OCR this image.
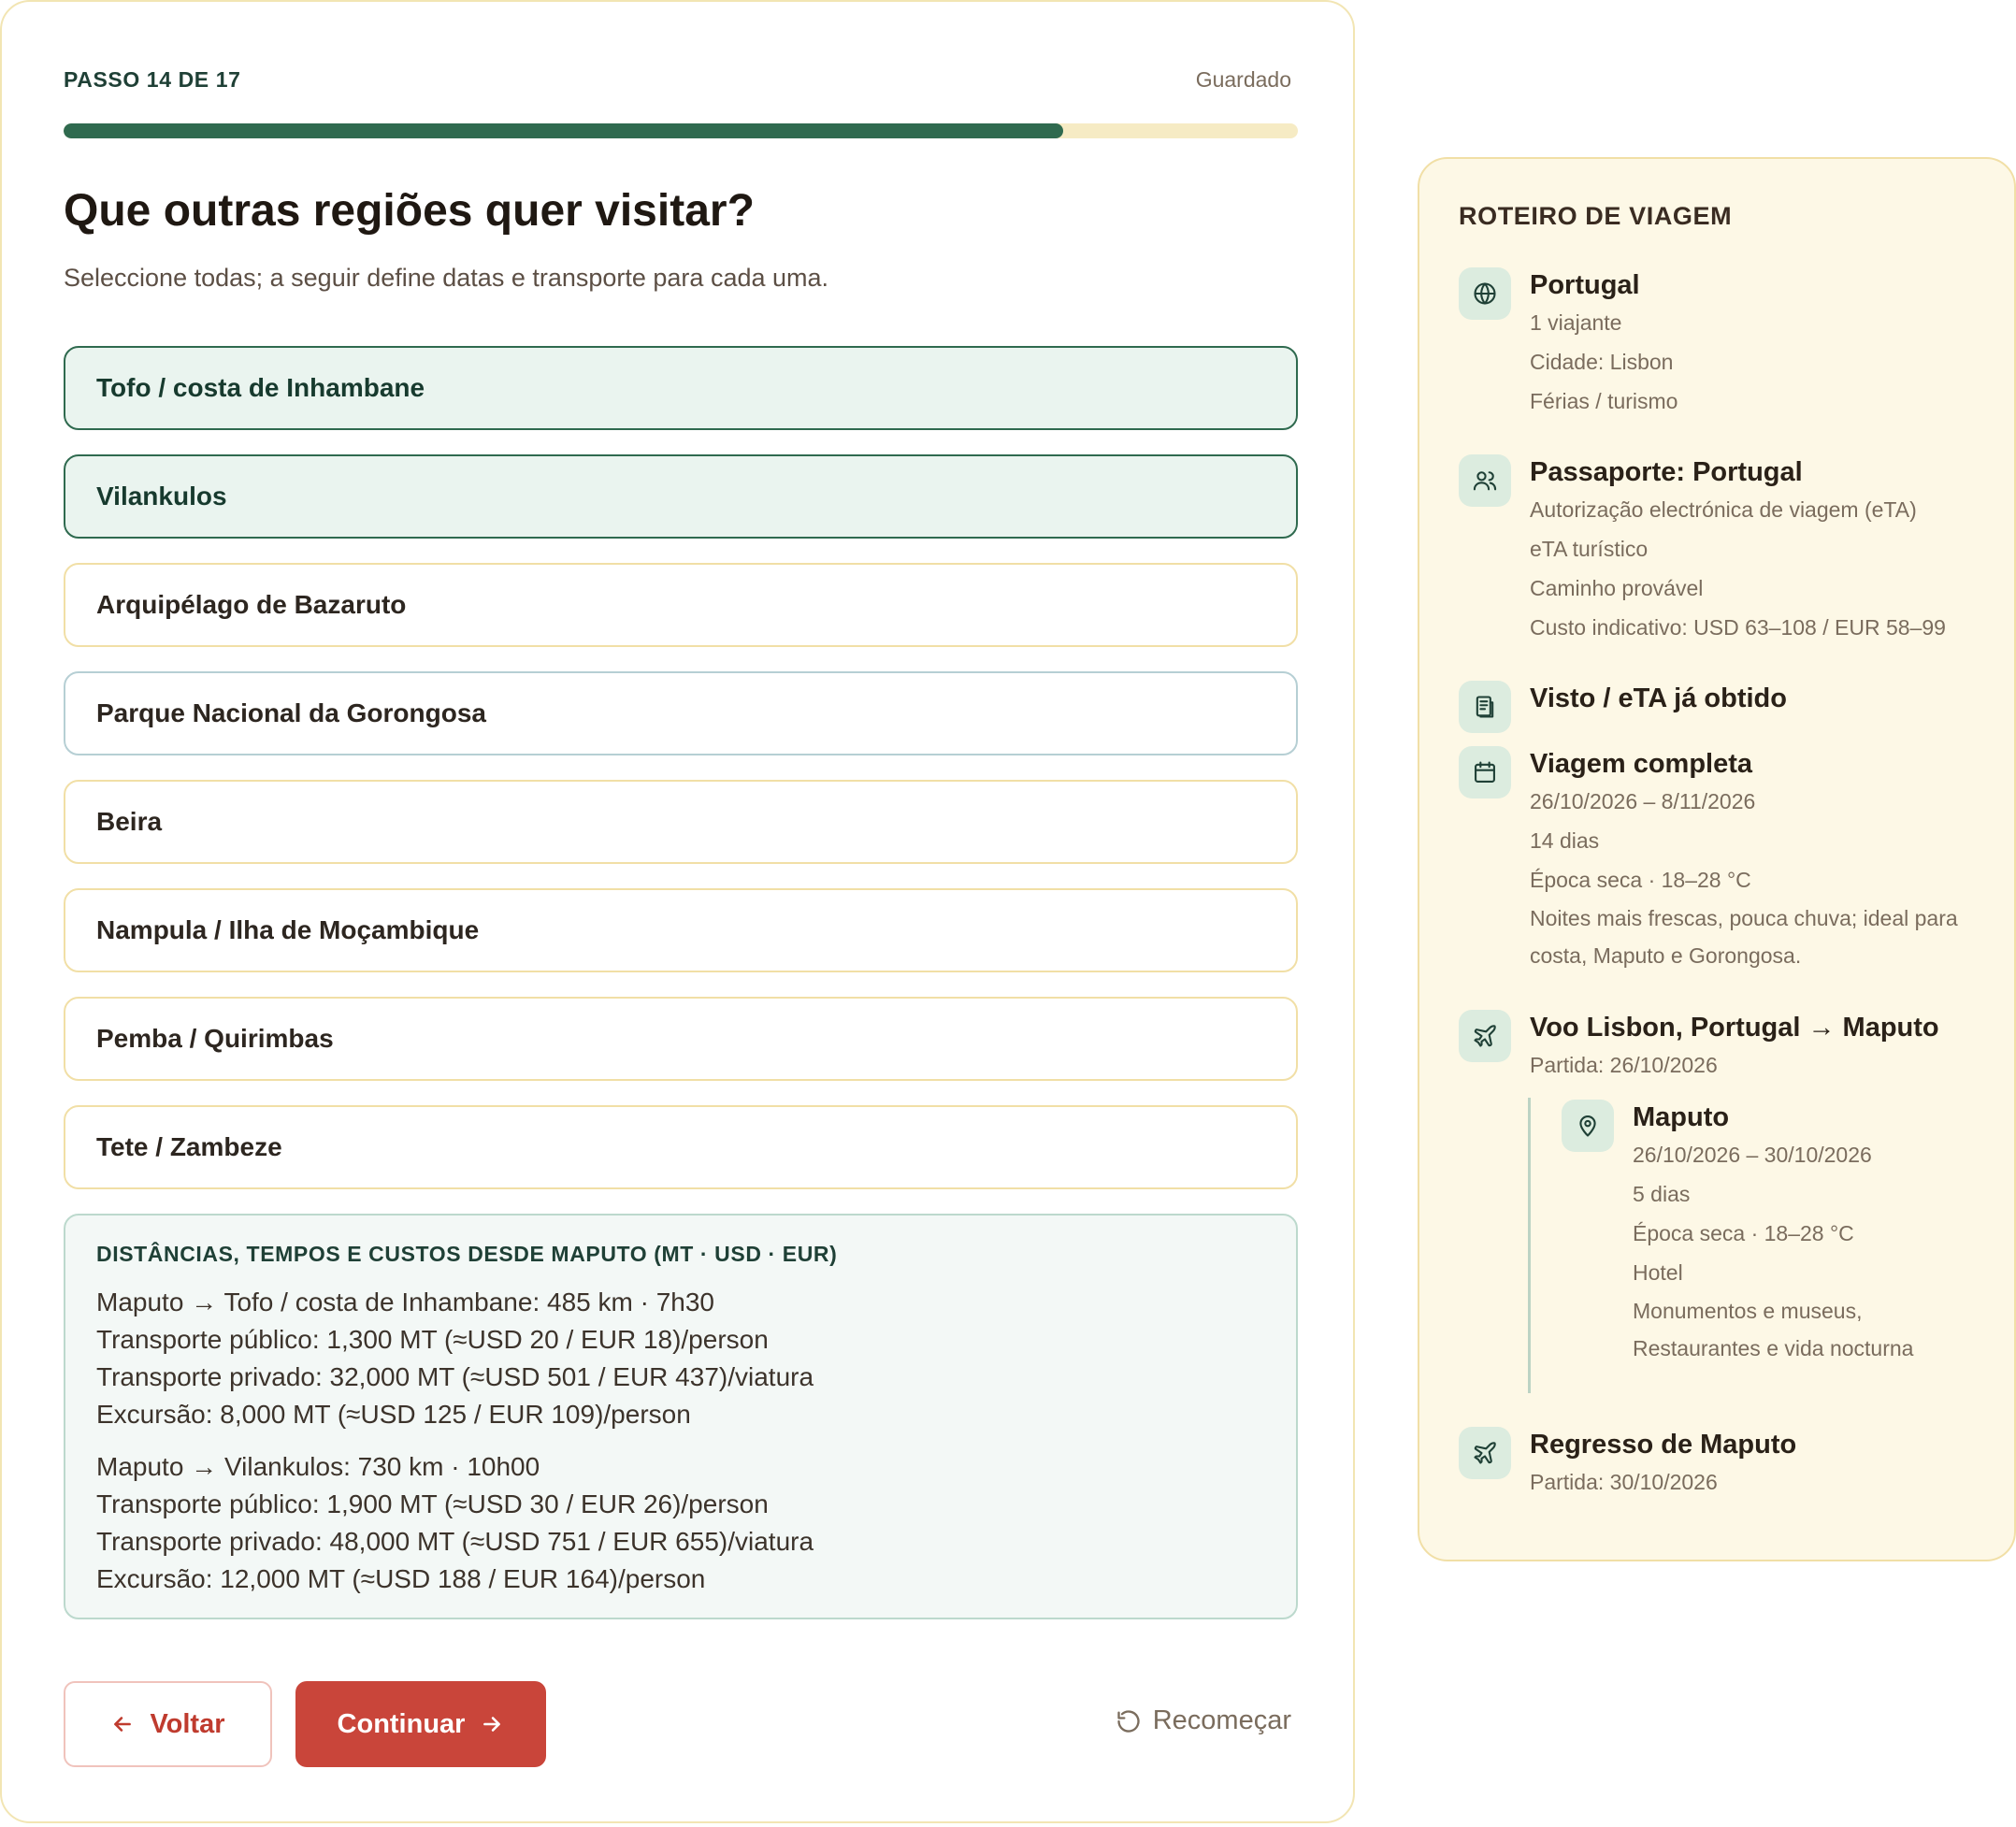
PASSO 14 DE 17	Guardado
Que outras regiões quer visitar?
Seleccione todas; a seguir define datas e transporte para cada uma.
Tofo / costa de Inhambane
Vilankulos
Arquipélago de Bazaruto
Parque Nacional da Gorongosa
Beira
Nampula / Ilha de Moçambique
Pemba / Quirimbas
Tete / Zambeze
DISTÂNCIAS, TEMPOS E CUSTOS DESDE MAPUTO (MT · USD · EUR)
Maputo → Tofo / costa de Inhambane: 485 km · 7h30
Transporte público: 1,300 MT (≈USD 20 / EUR 18)/person
Transporte privado: 32,000 MT (≈USD 501 / EUR 437)/viatura
Excursão: 8,000 MT (≈USD 125 / EUR 109)/person
Maputo → Vilankulos: 730 km · 10h00
Transporte público: 1,900 MT (≈USD 30 / EUR 26)/person
Transporte privado: 48,000 MT (≈USD 751 / EUR 655)/viatura
Excursão: 12,000 MT (≈USD 188 / EUR 164)/person
Voltar	Continuar	Recomeçar
ROTEIRO DE VIAGEM
Portugal
1 viajante
Cidade: Lisbon
Férias / turismo
Passaporte: Portugal
Autorização electrónica de viagem (eTA)
eTA turístico
Caminho provável
Custo indicativo: USD 63–108 / EUR 58–99
Visto / eTA já obtido
Viagem completa
26/10/2026 – 8/11/2026
14 dias
Época seca · 18–28 °C
Noites mais frescas, pouca chuva; ideal para costa, Maputo e Gorongosa.
Voo Lisbon, Portugal → Maputo
Partida: 26/10/2026
Maputo
26/10/2026 – 30/10/2026
5 dias
Época seca · 18–28 °C
Hotel
Monumentos e museus, Restaurantes e vida nocturna
Regresso de Maputo
Partida: 30/10/2026
